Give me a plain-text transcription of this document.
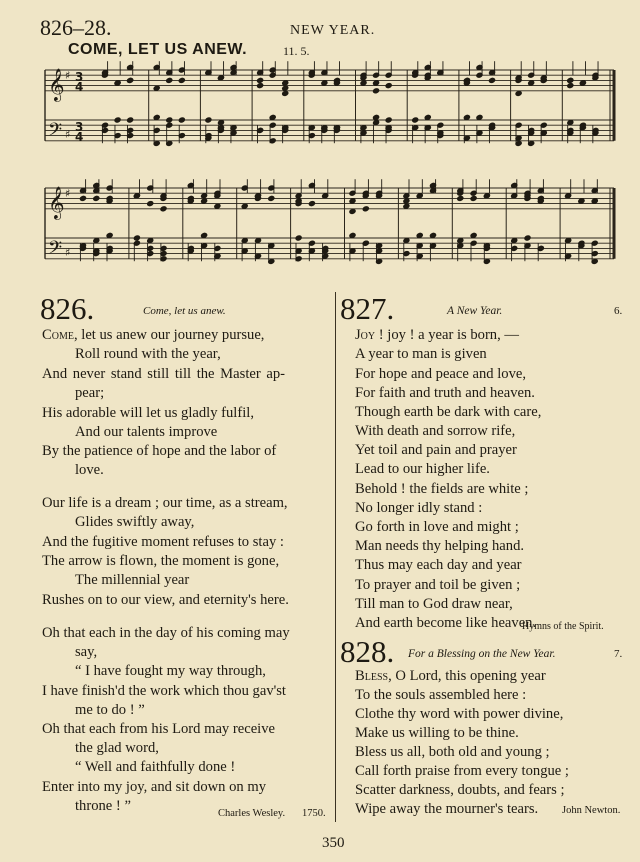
826–28.	NEW YEAR.
COME, LET US ANEW.	11. 5.
𝄞 ♯ 3
4
𝄢 ♯
3
4
𝄞 ♯
𝄢 ♯
826.	Come, let us anew.
Come, let us anew our journey pursue,
Roll round with the year,
And never stand still till the Master ap-
pear;
His adorable will let us gladly fulfil,
And our talents improve
By the patience of hope and the labor of
love.
Our life is a dream ; our time, as a stream,
Glides swiftly away,
And the fugitive moment refuses to stay :
The arrow is flown, the moment is gone,
The millennial year
Rushes on to our view, and eternity's here.
Oh that each in the day of his coming may
say,
“ I have fought my way through,
I have finish'd the work which thou gav'st
me to do ! ”
Oh that each from his Lord may receive
the glad word,
“ Well and faithfully done !
Enter into my joy, and sit down on my
throne ! ”	Charles Wesley. 1750.
827.	A New Year.	6.
Joy ! joy ! a year is born, —
A year to man is given
For hope and peace and love,
For faith and truth and heaven.
Though earth be dark with care,
With death and sorrow rife,
Yet toil and pain and prayer
Lead to our higher life.
Behold ! the fields are white ;
No longer idly stand :
Go forth in love and might ;
Man needs thy helping hand.
Thus may each day and year
To prayer and toil be given ;
Till man to God draw near,
And earth become like heaven.
Hymns of the Spirit.
828. For a Blessing on the New Year.	7.
Bless, O Lord, this opening year
To the souls assembled here :
Clothe thy word with power divine,
Make us willing to be thine.
Bless us all, both old and young ;
Call forth praise from every tongue ;
Scatter darkness, doubts, and fears ;
Wipe away the mourner's tears. John Newton.
350
